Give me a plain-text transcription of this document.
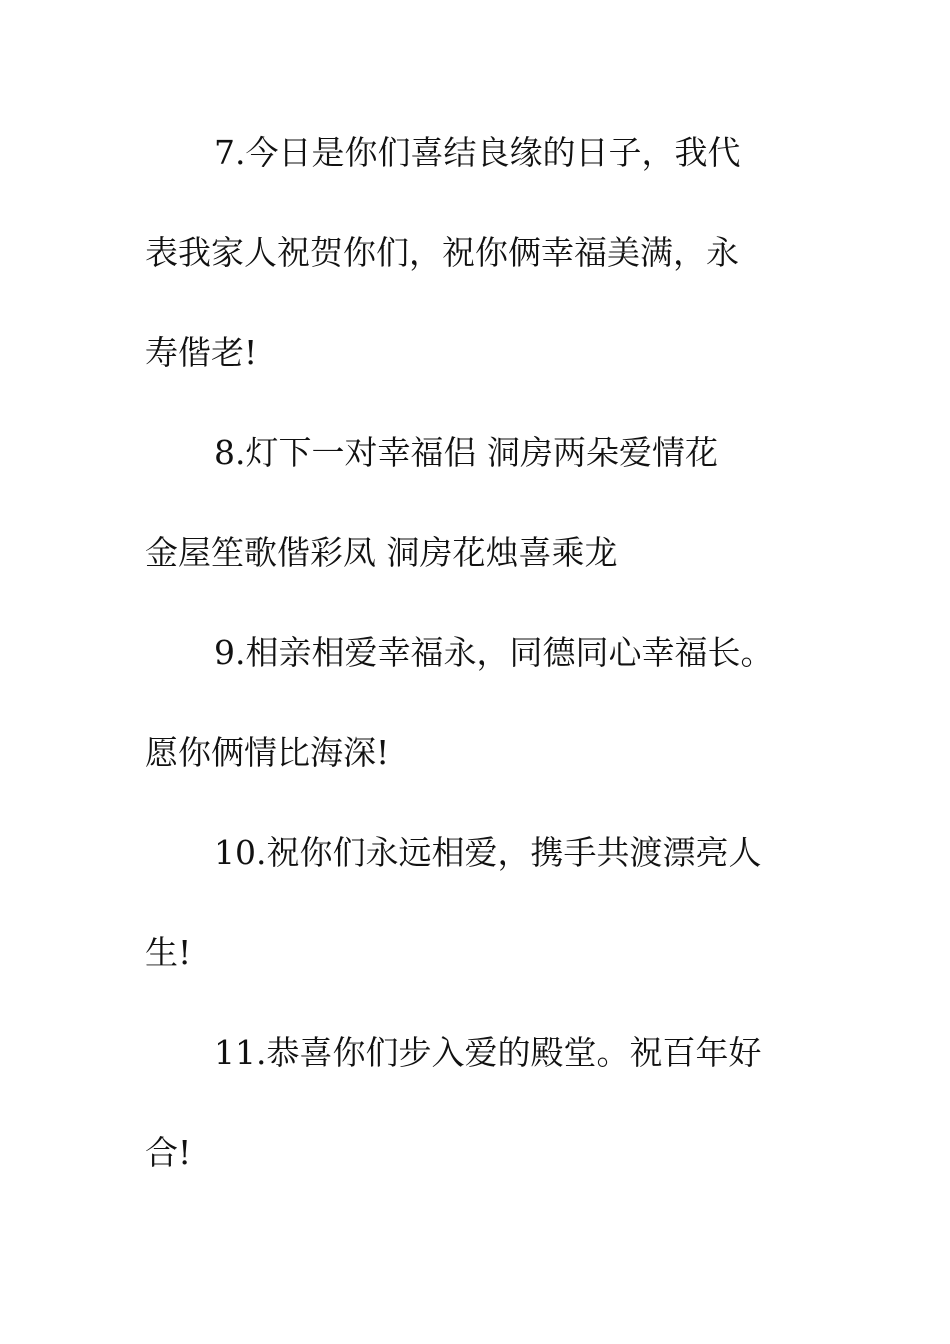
7.今日是你们喜结良缘的日子，我代
表我家人祝贺你们，祝你俩幸福美满，永
寿偕老!
8.灯下一对幸福侣 洞房两朵爱情花
金屋笙歌偕彩凤 洞房花烛喜乘龙
9.相亲相爱幸福永，同德同心幸福长。
愿你俩情比海深!
10.祝你们永远相爱，携手共渡漂亮人
生!
11.恭喜你们步入爱的殿堂。祝百年好
合!
